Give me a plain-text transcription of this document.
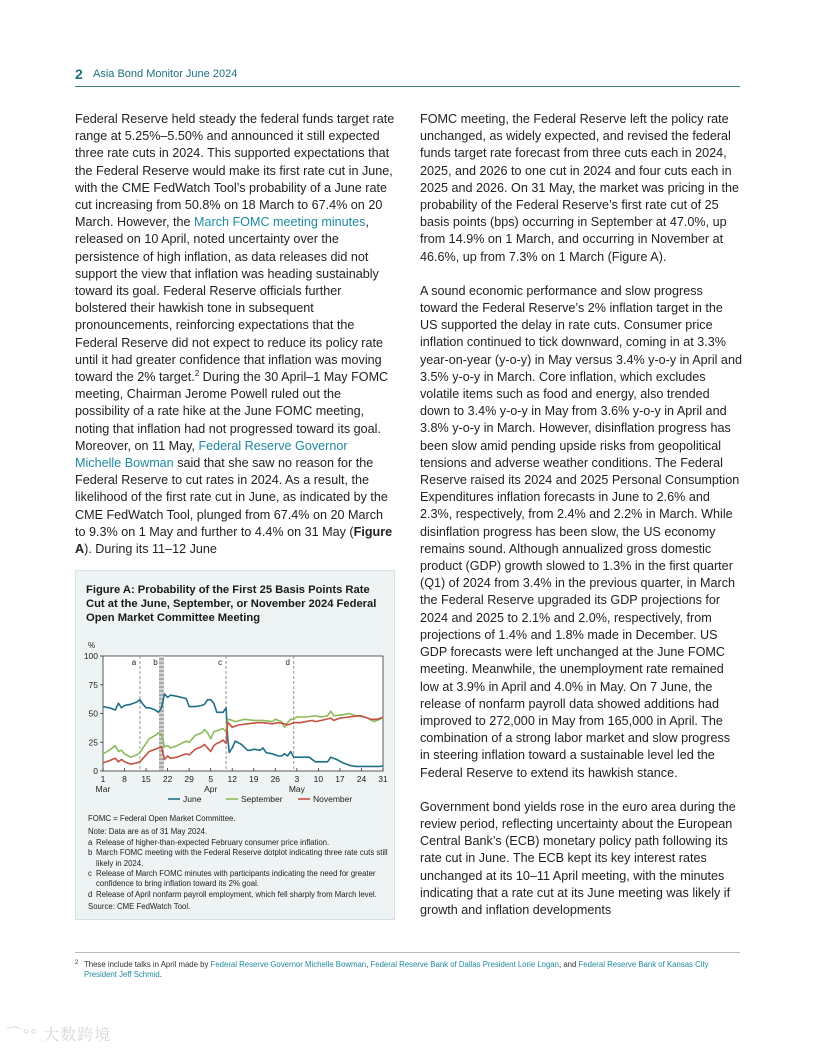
2 Asia Bond Monitor June 2024

Federal Reserve held steady the federal funds target rate range at 5.25%–5.50% and announced it still expected three rate cuts in 2024. This supported expectations that the Federal Reserve would make its first rate cut in June, with the CME FedWatch Tool’s probability of a June rate cut increasing from 50.8% on 18 March to 67.4% on 20 March. However, the March FOMC meeting minutes, released on 10 April, noted uncertainty over the persistence of high inflation, as data releases did not support the view that inflation was heading sustainably toward its goal. Federal Reserve officials further bolstered their hawkish tone in subsequent pronouncements, reinforcing expectations that the Federal Reserve did not expect to reduce its policy rate until it had greater confidence that inflation was moving toward the 2% target.$^2$ During the 30 April–1 May FOMC meeting, Chairman Jerome Powell ruled out the possibility of a rate hike at the June FOMC meeting, noting that inflation had not progressed toward its goal. Moreover, on 11 May, Federal Reserve Governor Michelle Bowman said that she saw no reason for the Federal Reserve to cut rates in 2024. As a result, the likelihood of the first rate cut in June, as indicated by the CME FedWatch Tool, plunged from 67.4% on 20 March to 9.3% on 1 May and further to 4.4% on 31 May (Figure A). During its 11–12 June

FOMC meeting, the Federal Reserve left the policy rate unchanged, as widely expected, and revised the federal funds target rate forecast from three cuts each in 2024, 2025, and 2026 to one cut in 2024 and four cuts each in 2025 and 2026. On 31 May, the market was pricing in the probability of the Federal Reserve’s first rate cut of 25 basis points (bps) occurring in September at 47.0%, up from 14.9% on 1 March, and occurring in November at 46.6%, up from 7.3% on 1 March (Figure A).

A sound economic performance and slow progress toward the Federal Reserve’s 2% inflation target in the US supported the delay in rate cuts. Consumer price inflation continued to tick downward, coming in at 3.3% year-on-year (y-o-y) in May versus 3.4% y-o-y in April and 3.5% y-o-y in March. Core inflation, which excludes volatile items such as food and energy, also trended down to 3.4% y-o-y in May from 3.6% y-o-y in April and 3.8% y-o-y in March. However, disinflation progress has been slow amid pending upside risks from geopolitical tensions and adverse weather conditions. The Federal Reserve raised its 2024 and 2025 Personal Consumption Expenditures inflation forecasts in June to 2.6% and 2.3%, respectively, from 2.4% and 2.2% in March. While disinflation progress has been slow, the US economy remains sound. Although annualized gross domestic product (GDP) growth slowed to 1.3% in the first quarter (Q1) of 2024 from 3.4% in the previous quarter, in March the Federal Reserve upgraded its GDP projections for 2024 and 2025 to 2.1% and 2.0%, respectively, from projections of 1.4% and 1.8% made in December. US GDP forecasts were left unchanged at the June FOMC meeting. Meanwhile, the unemployment rate remained low at 3.9% in April and 4.0% in May. On 7 June, the release of nonfarm payroll data showed additions had improved to 272,000 in May from 165,000 in April. The combination of a strong labor market and slow progress in steering inflation toward a sustainable level led the Federal Reserve to extend its hawkish stance.

Government bond yields rose in the euro area during the review period, reflecting uncertainty about the European Central Bank’s (ECB) monetary policy path following its rate cut in June. The ECB kept its key interest rates unchanged at its 10–11 April meeting, with the minutes indicating that a rate cut at its June meeting was likely if growth and inflation developments

Figure A: Probability of the First 25 Basis Points Rate Cut at the June, September, or November 2024 Federal Open Market Committee Meeting
%
0
25
50
75
100
1
Mar
8 15 22 29 5
Apr
12 19 26 3
May
10 17 24 31
a b	c	d
June	September	November
FOMC = Federal Open Market Committee.
Note: Data are as of 31 May 2024.
a Release of higher-than-expected February consumer price inflation.
b March FOMC meeting with the Federal Reserve dotplot indicating three rate cuts still likely in 2024.
c Release of March FOMC minutes with participants indicating the need for greater confidence to bring inflation toward its 2% goal.
d Release of April nonfarm payroll employment, which fell sharply from March level.
Source: CME FedWatch Tool.
2 These include talks in April made by Federal Reserve Governor Michelle Bowman, Federal Reserve Bank of Dallas President Lorie Logan, and Federal Reserve Bank of Kansas City President Jeff Schmid.
⌒°° 大数跨境
